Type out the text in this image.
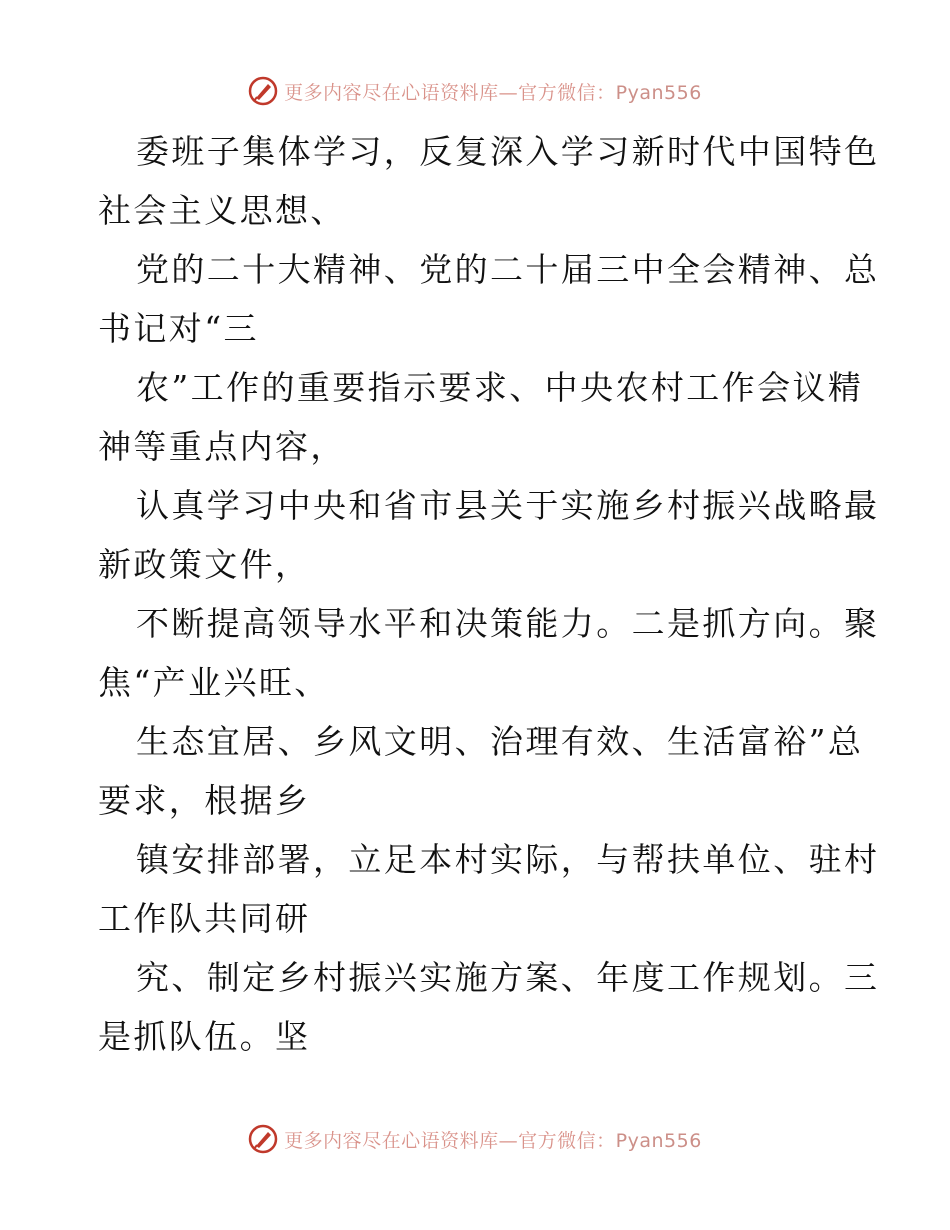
更多内容尽在心语资料库—官方微信：Pyan556
委班子集体学习，反复深入学习新时代中国特色
社会主义思想、
党的二十大精神、党的二十届三中全会精神、总
书记对“三
农”工作的重要指示要求、中央农村工作会议精
神等重点内容，
认真学习中央和省市县关于实施乡村振兴战略最
新政策文件，
不断提高领导水平和决策能力。二是抓方向。聚
焦“产业兴旺、
生态宜居、乡风文明、治理有效、生活富裕”总
要求，根据乡
镇安排部署，立足本村实际，与帮扶单位、驻村
工作队共同研
究、制定乡村振兴实施方案、年度工作规划。三
是抓队伍。坚
更多内容尽在心语资料库—官方微信：Pyan556
